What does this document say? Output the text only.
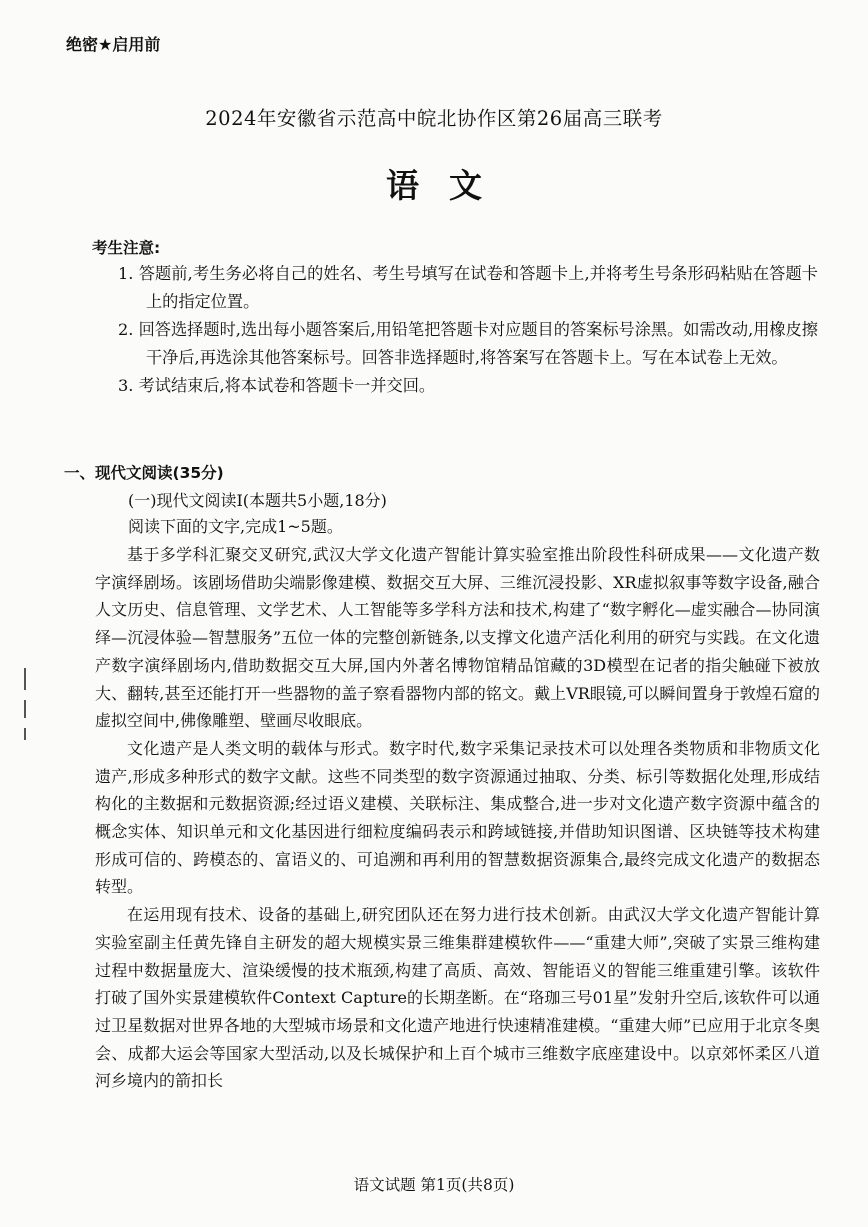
绝密★启用前
2024年安徽省示范高中皖北协作区第26届高三联考
语文
考生注意:

1. 答题前,考生务必将自己的姓名、考生号填写在试卷和答题卡上,并将考生号条形码粘贴在答题卡上的指定位置。

2. 回答选择题时,选出每小题答案后,用铅笔把答题卡对应题目的答案标号涂黑。如需改动,用橡皮擦干净后,再选涂其他答案标号。回答非选择题时,将答案写在答题卡上。写在本试卷上无效。

3. 考试结束后,将本试卷和答题卡一并交回。

一、现代文阅读(35分)
(一)现代文阅读Ⅰ(本题共5小题,18分)
阅读下面的文字,完成1~5题。

基于多学科汇聚交叉研究,武汉大学文化遗产智能计算实验室推出阶段性科研成果——文化遗产数字演绎剧场。该剧场借助尖端影像建模、数据交互大屏、三维沉浸投影、XR虚拟叙事等数字设备,融合人文历史、信息管理、文学艺术、人工智能等多学科方法和技术,构建了“数字孵化—虚实融合—协同演绎—沉浸体验—智慧服务”五位一体的完整创新链条,以支撑文化遗产活化利用的研究与实践。在文化遗产数字演绎剧场内,借助数据交互大屏,国内外著名博物馆精品馆藏的3D模型在记者的指尖触碰下被放大、翻转,甚至还能打开一些器物的盖子察看器物内部的铭文。戴上VR眼镜,可以瞬间置身于敦煌石窟的虚拟空间中,佛像雕塑、壁画尽收眼底。

文化遗产是人类文明的载体与形式。数字时代,数字采集记录技术可以处理各类物质和非物质文化遗产,形成多种形式的数字文献。这些不同类型的数字资源通过抽取、分类、标引等数据化处理,形成结构化的主数据和元数据资源;经过语义建模、关联标注、集成整合,进一步对文化遗产数字资源中蕴含的概念实体、知识单元和文化基因进行细粒度编码表示和跨域链接,并借助知识图谱、区块链等技术构建形成可信的、跨模态的、富语义的、可追溯和再利用的智慧数据资源集合,最终完成文化遗产的数据态转型。

在运用现有技术、设备的基础上,研究团队还在努力进行技术创新。由武汉大学文化遗产智能计算实验室副主任黄先锋自主研发的超大规模实景三维集群建模软件——“重建大师”,突破了实景三维构建过程中数据量庞大、渲染缓慢的技术瓶颈,构建了高质、高效、智能语义的智能三维重建引擎。该软件打破了国外实景建模软件Context Capture的长期垄断。在“珞珈三号01星”发射升空后,该软件可以通过卫星数据对世界各地的大型城市场景和文化遗产地进行快速精准建模。“重建大师”已应用于北京冬奥会、成都大运会等国家大型活动,以及长城保护和上百个城市三维数字底座建设中。以京郊怀柔区八道河乡境内的箭扣长

语文试题 第1页(共8页)
